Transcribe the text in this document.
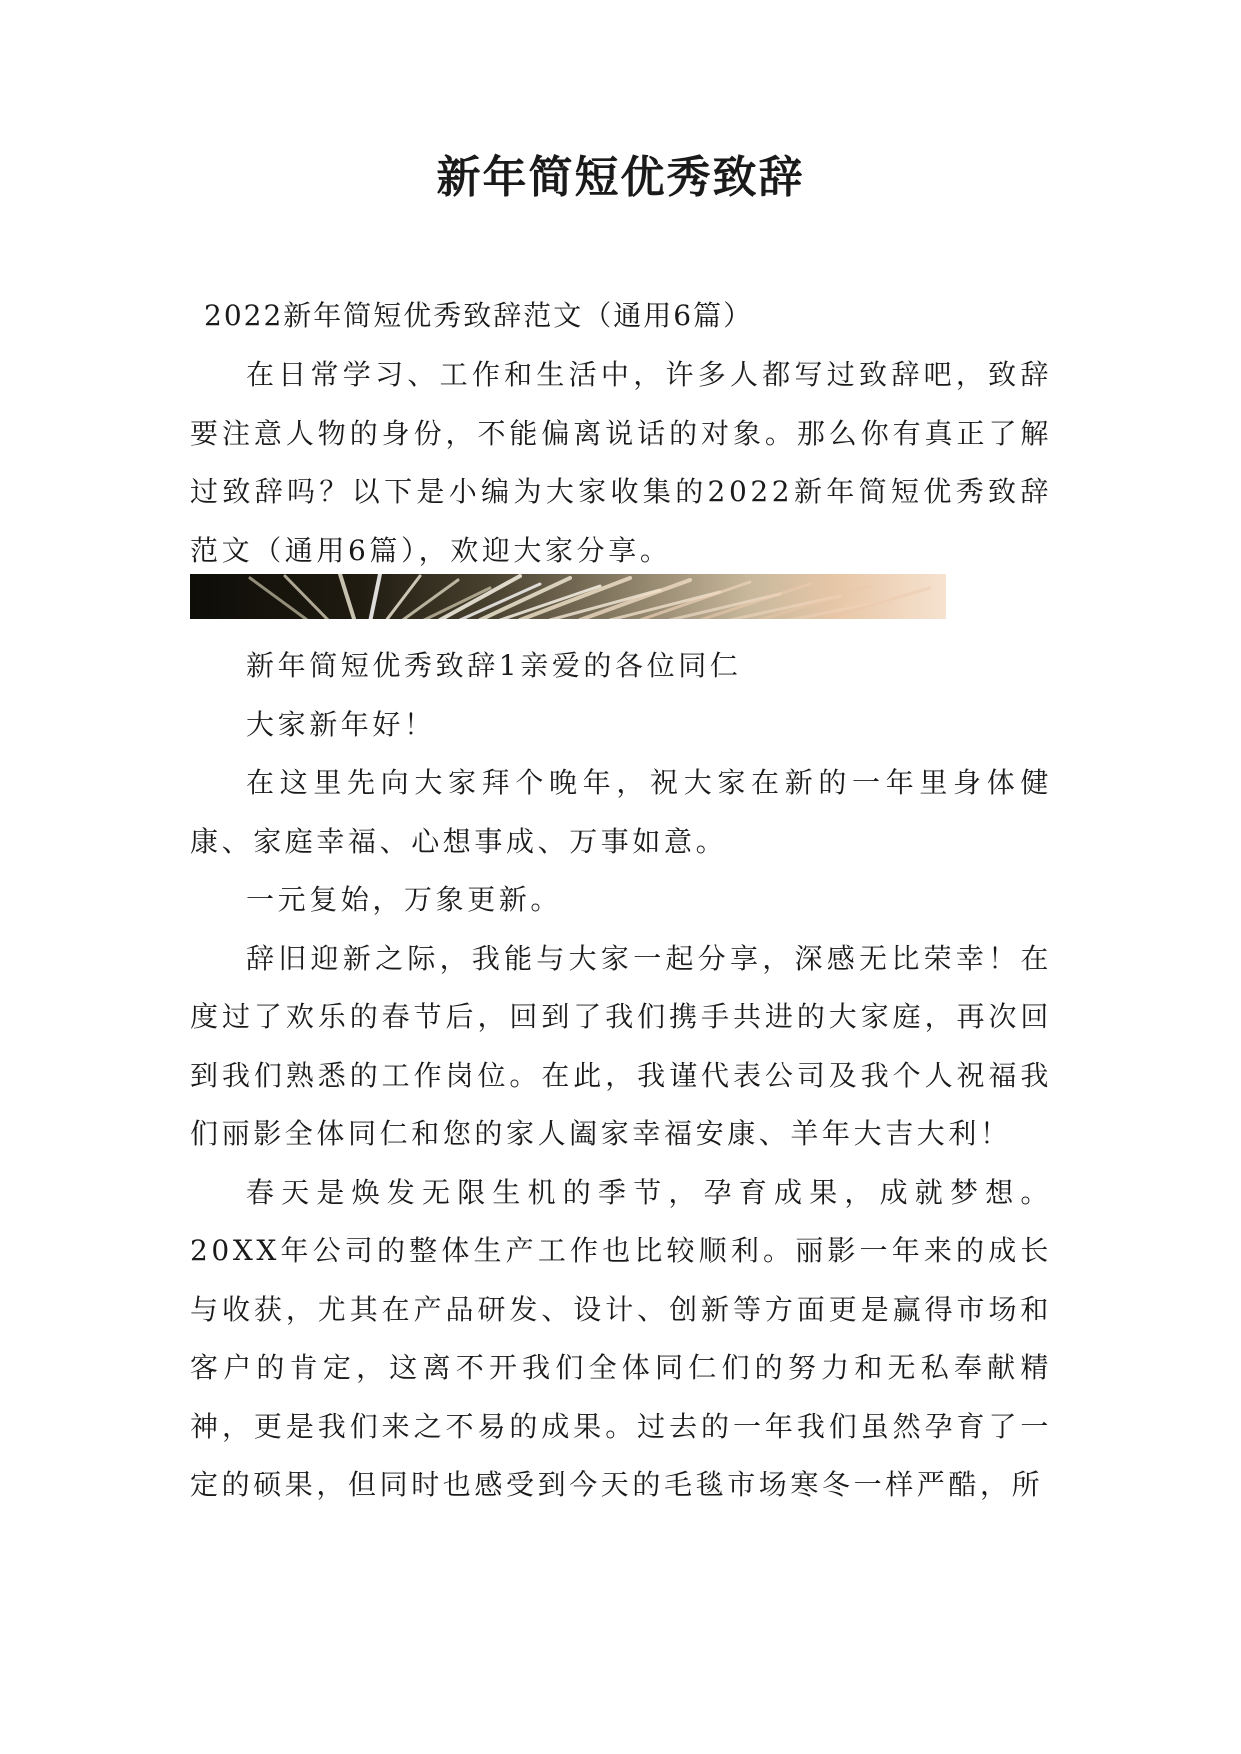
新年简短优秀致辞

2022新年简短优秀致辞范文（通用6篇）

在日常学习、工作和生活中，许多人都写过致辞吧，致辞要注意人物的身份，不能偏离说话的对象。那么你有真正了解过致辞吗？以下是小编为大家收集的2022新年简短优秀致辞范文（通用6篇），欢迎大家分享。

新年简短优秀致辞1亲爱的各位同仁

大家新年好！

在这里先向大家拜个晚年，祝大家在新的一年里身体健康、家庭幸福、心想事成、万事如意。

一元复始，万象更新。

辞旧迎新之际，我能与大家一起分享，深感无比荣幸！在度过了欢乐的春节后，回到了我们携手共进的大家庭，再次回到我们熟悉的工作岗位。在此，我谨代表公司及我个人祝福我们丽影全体同仁和您的家人阖家幸福安康、羊年大吉大利！

春天是焕发无限生机的季节，孕育成果，成就梦想。20XX年公司的整体生产工作也比较顺利。丽影一年来的成长与收获，尤其在产品研发、设计、创新等方面更是赢得市场和客户的肯定，这离不开我们全体同仁们的努力和无私奉献精神，更是我们来之不易的成果。过去的一年我们虽然孕育了一定的硕果，但同时也感受到今天的毛毯市场寒冬一样严酷，所
